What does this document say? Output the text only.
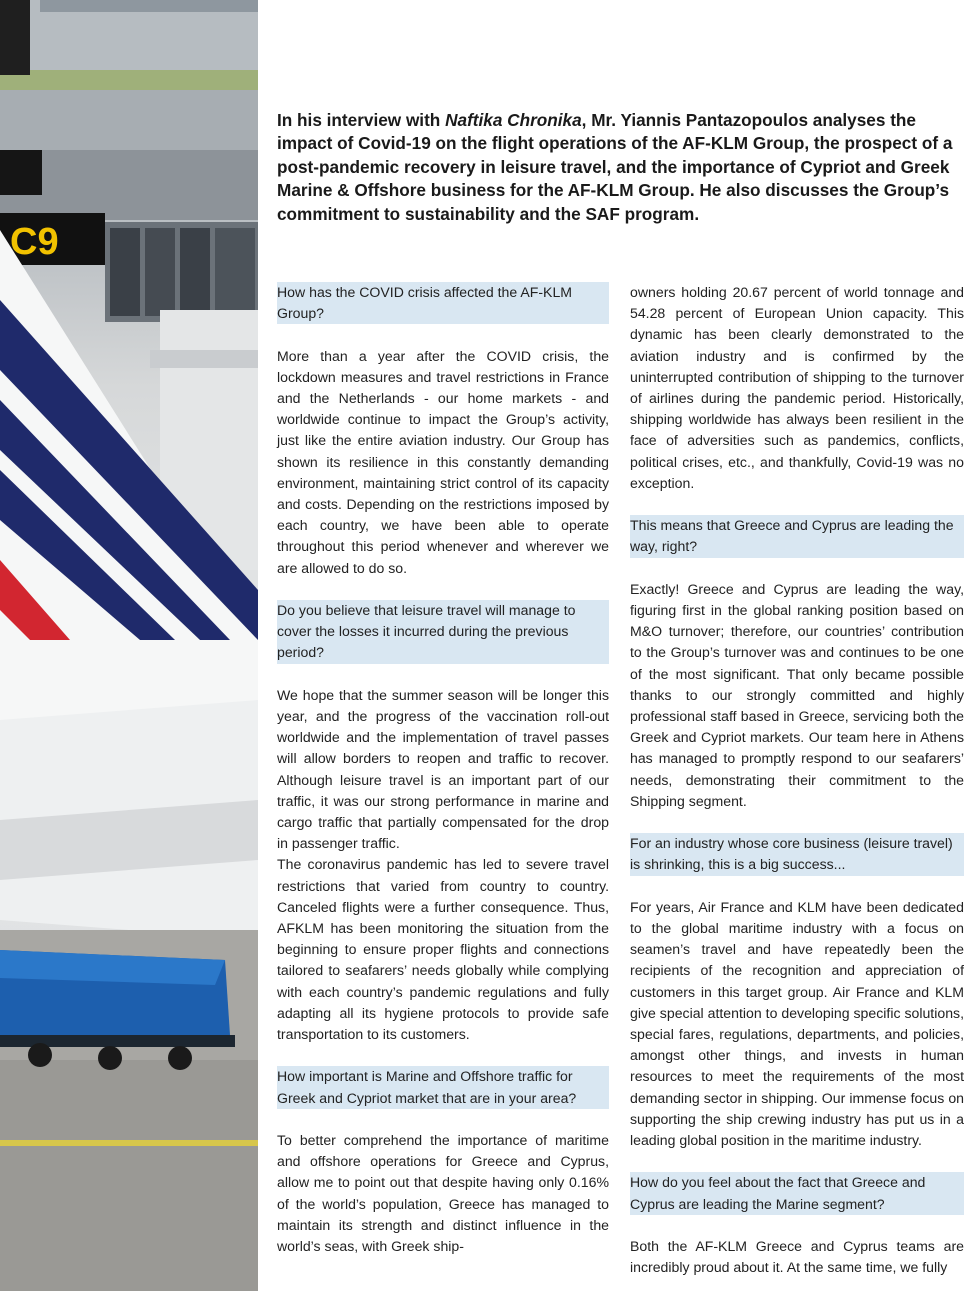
C9
In his interview with Naftika Chronika, Mr. Yiannis Pantazopoulos analyses the impact of Covid-19 on the flight operations of the AF-KLM Group, the prospect of a post-pandemic recovery in leisure travel, and the importance of Cypriot and Greek Marine & Offshore business for the AF-KLM Group. He also discusses the Group’s commitment to sustainability and the SAF program.

How has the COVID crisis affected the AF-KLM Group?

More than a year after the COVID crisis, the lockdown measures and travel restrictions in France and the Netherlands - our home markets - and worldwide continue to impact the Group’s activity, just like the entire aviation industry. Our Group has shown its resilience in this constantly demanding environment, maintaining strict control of its capacity and costs. Depending on the restrictions imposed by each country, we have been able to operate throughout this period whenever and wherever we are allowed to do so.

Do you believe that leisure travel will manage to cover the losses it incurred during the previous period?

We hope that the summer season will be longer this year, and the progress of the vaccination roll-out worldwide and the implementation of travel passes will allow borders to reopen and traffic to recover. Although leisure travel is an important part of our traffic, it was our strong performance in marine and cargo traffic that partially compensated for the drop in passenger traffic.

The coronavirus pandemic has led to severe travel restrictions that varied from country to country. Canceled flights were a further consequence. Thus, AFKLM has been monitoring the situation from the beginning to ensure proper flights and connections tailored to seafarers’ needs globally while complying with each country’s pandemic regulations and fully adapting all its hygiene protocols to provide safe transportation to its customers.

How important is Marine and Offshore traffic for Greek and Cypriot market that are in your area?

To better comprehend the importance of maritime and offshore operations for Greece and Cyprus, allow me to point out that despite having only 0.16% of the world’s population, Greece has managed to maintain its strength and distinct influence in the world’s seas, with Greek ship-

owners holding 20.67 percent of world tonnage and 54.28 percent of European Union capacity. This dynamic has been clearly demonstrated to the aviation industry and is confirmed by the uninterrupted contribution of shipping to the turnover of airlines during the pandemic period. Historically, shipping worldwide has always been resilient in the face of adversities such as pandemics, conflicts, political crises, etc., and thankfully, Covid-19 was no exception.

This means that Greece and Cyprus are leading the way, right?

Exactly! Greece and Cyprus are leading the way, figuring first in the global ranking position based on M&O turnover; therefore, our countries’ contribution to the Group’s turnover was and continues to be one of the most significant. That only became possible thanks to our strongly committed and highly professional staff based in Greece, servicing both the Greek and Cypriot markets. Our team here in Athens has managed to promptly respond to our seafarers’ needs, demonstrating their commitment to the Shipping segment.

For an industry whose core business (leisure travel) is shrinking, this is a big success...

For years, Air France and KLM have been dedicated to the global maritime industry with a focus on seamen’s travel and have repeatedly been the recipients of the recognition and appreciation of customers in this target group. Air France and KLM give special attention to developing specific solutions, special fares, regulations, departments, and policies, amongst other things, and invests in human resources to meet the requirements of the most demanding sector in shipping. Our immense focus on supporting the ship crewing industry has put us in a leading global position in the maritime industry.

How do you feel about the fact that Greece and Cyprus are leading the Marine segment?

Both the AF-KLM Greece and Cyprus teams are incredibly proud about it. At the same time, we fully
